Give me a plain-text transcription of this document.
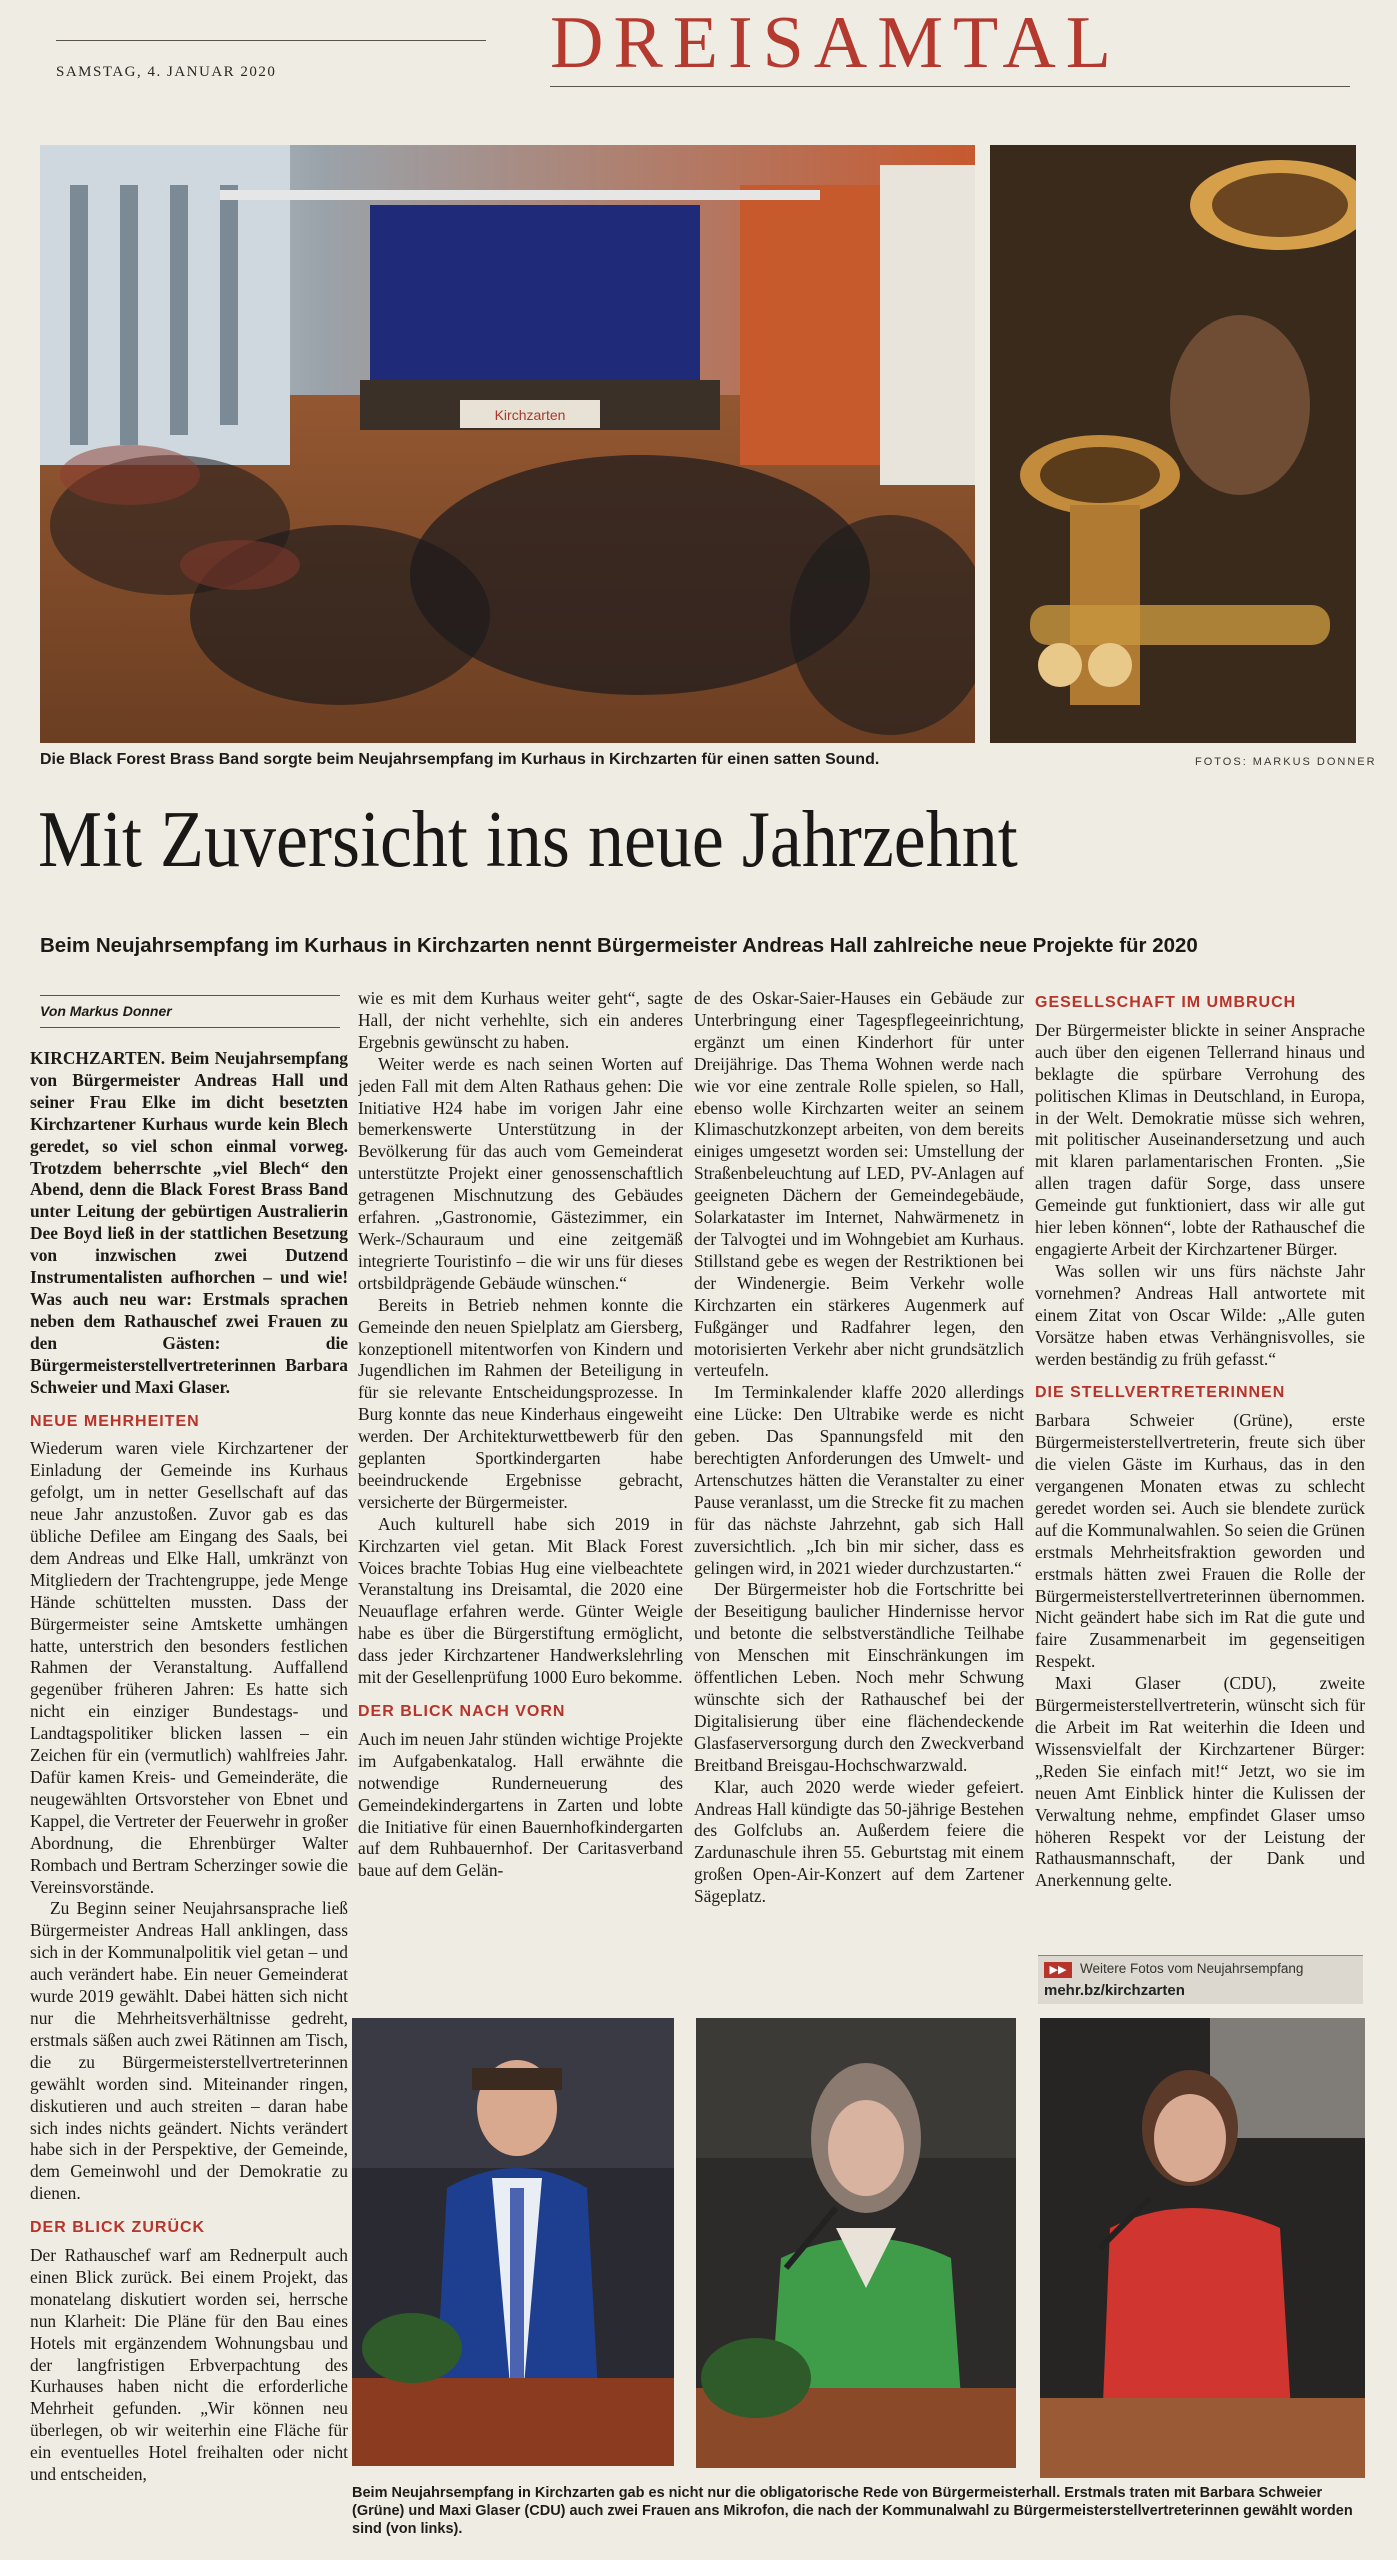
SAMSTAG, 4. JANUAR 2020	DREISAMTAL
Kirchzarten
Die Black Forest Brass Band sorgte beim Neujahrsempfang im Kurhaus in Kirchzarten für einen satten Sound.	FOTOS: MARKUS DONNER
Mit Zuversicht ins neue Jahrzehnt
Beim Neujahrsempfang im Kurhaus in Kirchzarten nennt Bürgermeister Andreas Hall zahlreiche neue Projekte für 2020
Von Markus Donner

KIRCHZARTEN. Beim Neujahrsempfang von Bürgermeister Andreas Hall und seiner Frau Elke im dicht besetzten Kirchzartener Kurhaus wurde kein Blech geredet, so viel schon einmal vorweg. Trotzdem beherrschte „viel Blech“ den Abend, denn die Black Forest Brass Band unter Leitung der gebürtigen Australierin Dee Boyd ließ in der stattlichen Besetzung von inzwischen zwei Dutzend Instrumentalisten aufhorchen – und wie! Was auch neu war: Erstmals sprachen neben dem Rathauschef zwei Frauen zu den Gästen: die Bürgermeisterstellvertreterinnen Barbara Schweier und Maxi Glaser.

NEUE MEHRHEITEN

Wiederum waren viele Kirchzartener der Einladung der Gemeinde ins Kurhaus gefolgt, um in netter Gesellschaft auf das neue Jahr anzustoßen. Zuvor gab es das übliche Defilee am Eingang des Saals, bei dem Andreas und Elke Hall, umkränzt von Mitgliedern der Trachtengruppe, jede Menge Hände schüttelten mussten. Dass der Bürgermeister seine Amtskette umhängen hatte, unterstrich den besonders festlichen Rahmen der Veranstaltung. Auffallend gegenüber früheren Jahren: Es hatte sich nicht ein einziger Bundestags- und Landtagspolitiker blicken lassen – ein Zeichen für ein (vermutlich) wahlfreies Jahr. Dafür kamen Kreis- und Gemeinderäte, die neugewählten Ortsvorsteher von Ebnet und Kappel, die Vertreter der Feuerwehr in großer Abordnung, die Ehrenbürger Walter Rombach und Bertram Scherzinger sowie die Vereinsvorstände.

Zu Beginn seiner Neujahrsansprache ließ Bürgermeister Andreas Hall anklingen, dass sich in der Kommunalpolitik viel getan – und auch verändert habe. Ein neuer Gemeinderat wurde 2019 gewählt. Dabei hätten sich nicht nur die Mehrheitsverhältnisse gedreht, erstmals säßen auch zwei Rätinnen am Tisch, die zu Bürgermeisterstellvertreterinnen gewählt worden sind. Miteinander ringen, diskutieren und auch streiten – daran habe sich indes nichts geändert. Nichts verändert habe sich in der Perspektive, der Gemeinde, dem Gemeinwohl und der Demokratie zu dienen.

DER BLICK ZURÜCK

Der Rathauschef warf am Rednerpult auch einen Blick zurück. Bei einem Projekt, das monatelang diskutiert worden sei, herrsche nun Klarheit: Die Pläne für den Bau eines Hotels mit ergänzendem Wohnungsbau und der langfristigen Erbverpachtung des Kurhauses haben nicht die erforderliche Mehrheit gefunden. „Wir können neu überlegen, ob wir weiterhin eine Fläche für ein eventuelles Hotel freihalten oder nicht und entscheiden,

wie es mit dem Kurhaus weiter geht“, sagte Hall, der nicht verhehlte, sich ein anderes Ergebnis gewünscht zu haben.

Weiter werde es nach seinen Worten auf jeden Fall mit dem Alten Rathaus gehen: Die Initiative H24 habe im vorigen Jahr eine bemerkenswerte Unterstützung in der Bevölkerung für das auch vom Gemeinderat unterstützte Projekt einer genossenschaftlich getragenen Mischnutzung des Gebäudes erfahren. „Gastronomie, Gästezimmer, ein Werk-/Schauraum und eine zeitgemäß integrierte Touristinfo – die wir uns für dieses ortsbildprägende Gebäude wünschen.“

Bereits in Betrieb nehmen konnte die Gemeinde den neuen Spielplatz am Giersberg, konzeptionell mitentworfen von Kindern und Jugendlichen im Rahmen der Beteiligung in für sie relevante Entscheidungsprozesse. In Burg konnte das neue Kinderhaus eingeweiht werden. Der Architekturwettbewerb für den geplanten Sportkindergarten habe beeindruckende Ergebnisse gebracht, versicherte der Bürgermeister.

Auch kulturell habe sich 2019 in Kirchzarten viel getan. Mit Black Forest Voices brachte Tobias Hug eine vielbeachtete Veranstaltung ins Dreisamtal, die 2020 eine Neuauflage erfahren werde. Günter Weigle habe es über die Bürgerstiftung ermöglicht, dass jeder Kirchzartener Handwerkslehrling mit der Gesellenprüfung 1000 Euro bekomme.

DER BLICK NACH VORN

Auch im neuen Jahr stünden wichtige Projekte im Aufgabenkatalog. Hall erwähnte die notwendige Runderneuerung des Gemeindekindergartens in Zarten und lobte die Initiative für einen Bauernhofkindergarten auf dem Ruhbauernhof. Der Caritasverband baue auf dem Gelän-

de des Oskar-Saier-Hauses ein Gebäude zur Unterbringung einer Tagespflegeeinrichtung, ergänzt um einen Kinderhort für unter Dreijährige. Das Thema Wohnen werde nach wie vor eine zentrale Rolle spielen, so Hall, ebenso wolle Kirchzarten weiter an seinem Klimaschutzkonzept arbeiten, von dem bereits einiges umgesetzt worden sei: Umstellung der Straßenbeleuchtung auf LED, PV-Anlagen auf geeigneten Dächern der Gemeindegebäude, Solarkataster im Internet, Nahwärmenetz in der Talvogtei und im Wohngebiet am Kurhaus. Stillstand gebe es wegen der Restriktionen bei der Windenergie. Beim Verkehr wolle Kirchzarten ein stärkeres Augenmerk auf Fußgänger und Radfahrer legen, den motorisierten Verkehr aber nicht grundsätzlich verteufeln.

Im Terminkalender klaffe 2020 allerdings eine Lücke: Den Ultrabike werde es nicht geben. Das Spannungsfeld mit den berechtigten Anforderungen des Umwelt- und Artenschutzes hätten die Veranstalter zu einer Pause veranlasst, um die Strecke fit zu machen für das nächste Jahrzehnt, gab sich Hall zuversichtlich. „Ich bin mir sicher, dass es gelingen wird, in 2021 wieder durchzustarten.“

Der Bürgermeister hob die Fortschritte bei der Beseitigung baulicher Hindernisse hervor und betonte die selbstverständliche Teilhabe von Menschen mit Einschränkungen im öffentlichen Leben. Noch mehr Schwung wünschte sich der Rathauschef bei der Digitalisierung über eine flächendeckende Glasfaserversorgung durch den Zweckverband Breitband Breisgau-Hochschwarzwald.

Klar, auch 2020 werde wieder gefeiert. Andreas Hall kündigte das 50-jährige Bestehen des Golfclubs an. Außerdem feiere die Zardunaschule ihren 55. Geburtstag mit einem großen Open-Air-Konzert auf dem Zartener Sägeplatz.

GESELLSCHAFT IM UMBRUCH

Der Bürgermeister blickte in seiner Ansprache auch über den eigenen Tellerrand hinaus und beklagte die spürbare Verrohung des politischen Klimas in Deutschland, in Europa, in der Welt. Demokratie müsse sich wehren, mit politischer Auseinandersetzung und auch mit klaren parlamentarischen Fronten. „Sie allen tragen dafür Sorge, dass unsere Gemeinde gut funktioniert, dass wir alle gut hier leben können“, lobte der Rathauschef die engagierte Arbeit der Kirchzartener Bürger.

Was sollen wir uns fürs nächste Jahr vornehmen? Andreas Hall antwortete mit einem Zitat von Oscar Wilde: „Alle guten Vorsätze haben etwas Verhängnisvolles, sie werden beständig zu früh gefasst.“

DIE STELLVERTRETERINNEN

Barbara Schweier (Grüne), erste Bürgermeisterstellvertreterin, freute sich über die vielen Gäste im Kurhaus, das in den vergangenen Monaten etwas zu schlecht geredet worden sei. Auch sie blendete zurück auf die Kommunalwahlen. So seien die Grünen erstmals Mehrheitsfraktion geworden und erstmals hätten zwei Frauen die Rolle der Bürgermeisterstellvertreterinnen übernommen. Nicht geändert habe sich im Rat die gute und faire Zusammenarbeit im gegenseitigen Respekt.

Maxi Glaser (CDU), zweite Bürgermeisterstellvertreterin, wünscht sich für die Arbeit im Rat weiterhin die Ideen und Wissensvielfalt der Kirchzartener Bürger: „Reden Sie einfach mit!“ Jetzt, wo sie im neuen Amt Einblick hinter die Kulissen der Verwaltung nehme, empfindet Glaser umso höheren Respekt vor der Leistung der Rathausmannschaft, der Dank und Anerkennung gelte.

▶▶	Weitere Fotos vom Neujahrsempfang
mehr.bz/kirchzarten
Beim Neujahrsempfang in Kirchzarten gab es nicht nur die obligatorische Rede von Bürgermeisterhall. Erstmals traten mit Barbara Schweier (Grüne) und Maxi Glaser (CDU) auch zwei Frauen ans Mikrofon, die nach der Kommunalwahl zu Bürgermeisterstellvertreterinnen gewählt worden sind (von links).
